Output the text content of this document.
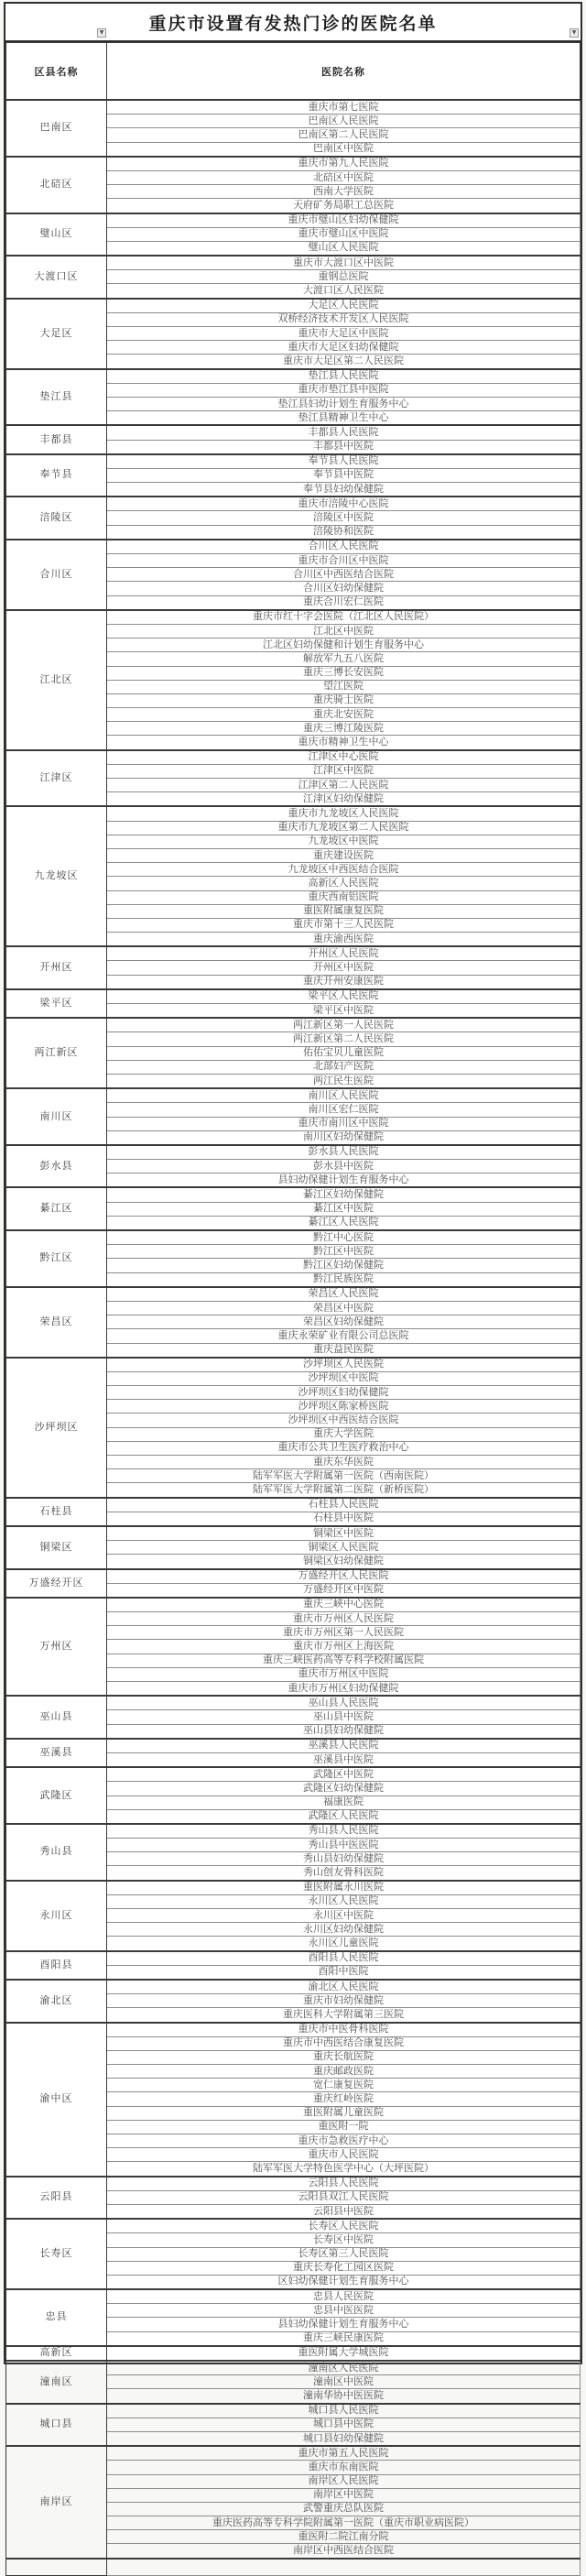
重庆市设置有发热门诊的医院名单
▼	▼
区县名称	医院名称
巴南区	重庆市第七医院
	巴南区人民医院
	巴南区第二人民医院
	巴南区中医院
北碚区	重庆市第九人民医院
	北碚区中医院
	西南大学医院
	天府矿务局职工总医院
璧山区	重庆市璧山区妇幼保健院
	重庆市璧山区中医院
	璧山区人民医院
大渡口区	重庆市大渡口区中医院
	重钢总医院
	大渡口区人民医院
大足区	大足区人民医院
	双桥经济技术开发区人民医院
	重庆市大足区中医院
	重庆市大足区妇幼保健院
	重庆市大足区第二人民医院
垫江县	垫江县人民医院
	重庆市垫江县中医院
	垫江县妇幼计划生育服务中心
	垫江县精神卫生中心
丰都县	丰都县人民医院
	丰都县中医院
奉节县	奉节县人民医院
	奉节县中医院
	奉节县妇幼保健院
涪陵区	重庆市涪陵中心医院
	涪陵区中医院
	涪陵协和医院
合川区	合川区人民医院
	重庆市合川区中医院
	合川区中西医结合医院
	合川区妇幼保健院
	重庆合川宏仁医院
江北区	重庆市红十字会医院（江北区人民医院）
	江北区中医院
	江北区妇幼保健和计划生育服务中心
	解放军九五八医院
	重庆三博长安医院
	望江医院
	重庆骑士医院
	重庆北安医院
	重庆三博江陵医院
	重庆市精神卫生中心
江津区	江津区中心医院
	江津区中医院
	江津区第二人民医院
	江津区妇幼保健院
九龙坡区	重庆市九龙坡区人民医院
	重庆市九龙坡区第二人民医院
	九龙坡区中医院
	重庆建设医院
	九龙坡区中西医结合医院
	高新区人民医院
	重庆西南铝医院
	重医附属康复医院
	重庆市第十三人民医院
	重庆渝西医院
开州区	开州区人民医院
	开州区中医院
	重庆开州安康医院
梁平区	梁平区人民医院
	梁平区中医院
两江新区	两江新区第一人民医院
	两江新区第二人民医院
	佑佑宝贝儿童医院
	北部妇产医院
	两江民生医院
南川区	南川区人民医院
	南川区宏仁医院
	重庆市南川区中医院
	南川区妇幼保健院
彭水县	彭水县人民医院
	彭水县中医院
	县妇幼保健计划生育服务中心
綦江区	綦江区妇幼保健院
	綦江区中医院
	綦江区人民医院
黔江区	黔江中心医院
	黔江区中医院
	黔江区妇幼保健院
	黔江民族医院
荣昌区	荣昌区人民医院
	荣昌区中医院
	荣昌区妇幼保健院
	重庆永荣矿业有限公司总医院
	重庆益民医院
沙坪坝区	沙坪坝区人民医院
	沙坪坝区中医院
	沙坪坝区妇幼保健院
	沙坪坝区陈家桥医院
	沙坪坝区中西医结合医院
	重庆大学医院
	重庆市公共卫生医疗救治中心
	重庆东华医院
	陆军军医大学附属第一医院（西南医院）
	陆军军医大学附属第二医院（新桥医院）
石柱县	石柱县人民医院
	石柱县中医院
铜梁区	铜梁区中医院
	铜梁区人民医院
	铜梁区妇幼保健院
万盛经开区	万盛经开区人民医院
	万盛经开区中医院
万州区	重庆三峡中心医院
	重庆市万州区人民医院
	重庆市万州区第一人民医院
	重庆市万州区上海医院
	重庆三峡医药高等专科学校附属医院
	重庆市万州区中医院
	重庆市万州区妇幼保健院
巫山县	巫山县人民医院
	巫山县中医院
	巫山县妇幼保健院
巫溪县	巫溪县人民医院
	巫溪县中医院
武隆区	武隆区中医院
	武隆区妇幼保健院
	福康医院
	武隆区人民医院
秀山县	秀山县人民医院
	秀山县中医医院
	秀山县妇幼保健院
	秀山创友骨科医院
永川区	重医附属永川医院
	永川区人民医院
	永川区中医院
	永川区妇幼保健院
	永川区儿童医院
酉阳县	酉阳县人民医院
	酉阳中医院
渝北区	渝北区人民医院
	重庆市妇幼保健院
	重庆医科大学附属第三医院
渝中区	重庆市中医骨科医院
	重庆市中西医结合康复医院
	重庆长航医院
	重庆邮政医院
	宽仁康复医院
	重庆红岭医院
	重医附属儿童医院
	重医附一院
	重庆市急救医疗中心
	重庆市人民医院
	陆军军医大学特色医学中心（大坪医院）
云阳县	云阳县人民医院
	云阳县双江人民医院
	云阳县中医院
长寿区	长寿区人民医院
	长寿区中医院
	长寿区第三人民医院
	重庆长寿化工园区医院
	区妇幼保健计划生育服务中心
忠县	忠县人民医院
	忠县中医医院
	县妇幼保健计划生育服务中心
	重庆三峡民康医院
高新区	重医附属大学城医院
潼南区	潼南区人民医院
	潼南区中医院
	潼南华协中医医院
城口县	城口县人民医院
	城口县中医院
	城口县妇幼保健院
南岸区	重庆市第五人民医院
	重庆市东南医院
	南岸区人民医院
	南岸区中医院
	武警重庆总队医院
	重庆医药高等专科学院附属第一医院（重庆市职业病医院）
	重医附二院江南分院
	南岸区中西医结合医院
